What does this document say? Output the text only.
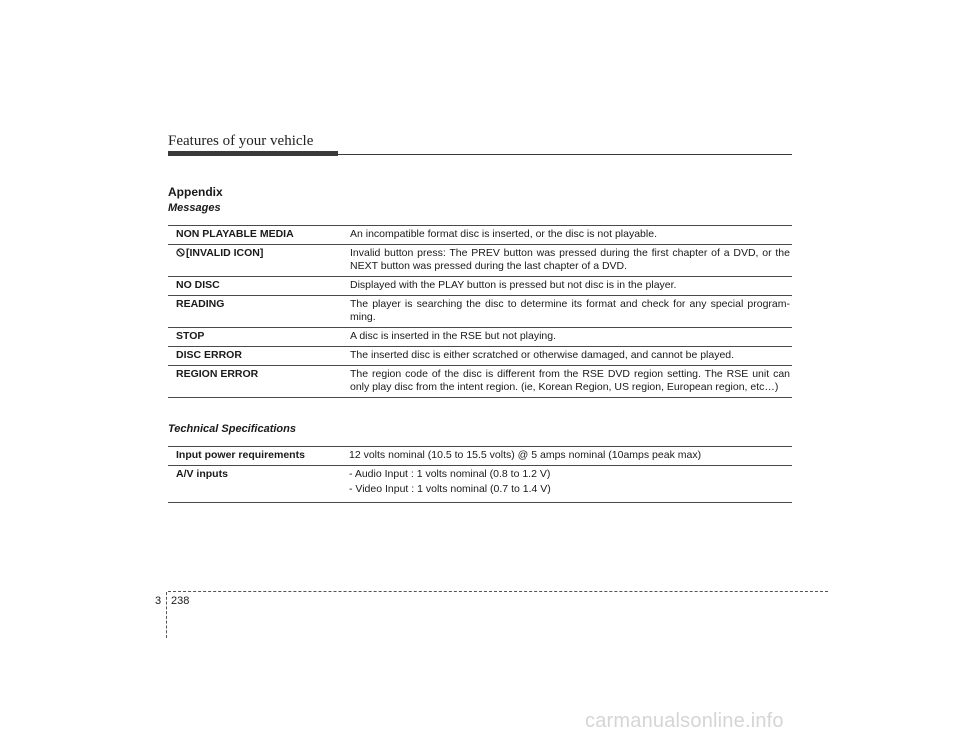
Features of your vehicle
Appendix
Messages
NON PLAYABLE MEDIA	An incompatible format disc is inserted, or the disc is not playable.
[INVALID ICON]	Invalid button press: The PREV button was pressed during the first chapter of a DVD, or the NEXT button was pressed during the last chapter of a DVD.
NO DISC	Displayed with the PLAY button is pressed but not disc is in the player.
READING	The player is searching the disc to determine its format and check for any special program-ming.
STOP	A disc is inserted in the RSE but not playing.
DISC ERROR	The inserted disc is either scratched or otherwise damaged, and cannot be played.
REGION ERROR	The region code of the disc is different from the RSE DVD region setting. The RSE unit can only play disc from the intent region. (ie, Korean Region, US region, European region, etc…)
Technical Specifications
Input power requirements	12 volts nominal (10.5 to 15.5 volts) @ 5 amps nominal (10amps peak max)
A/V inputs	- Audio Input : 1 volts nominal (0.8 to 1.2 V)
- Video Input : 1 volts nominal (0.7 to 1.4 V)
3 238
carmanualsonline.info
